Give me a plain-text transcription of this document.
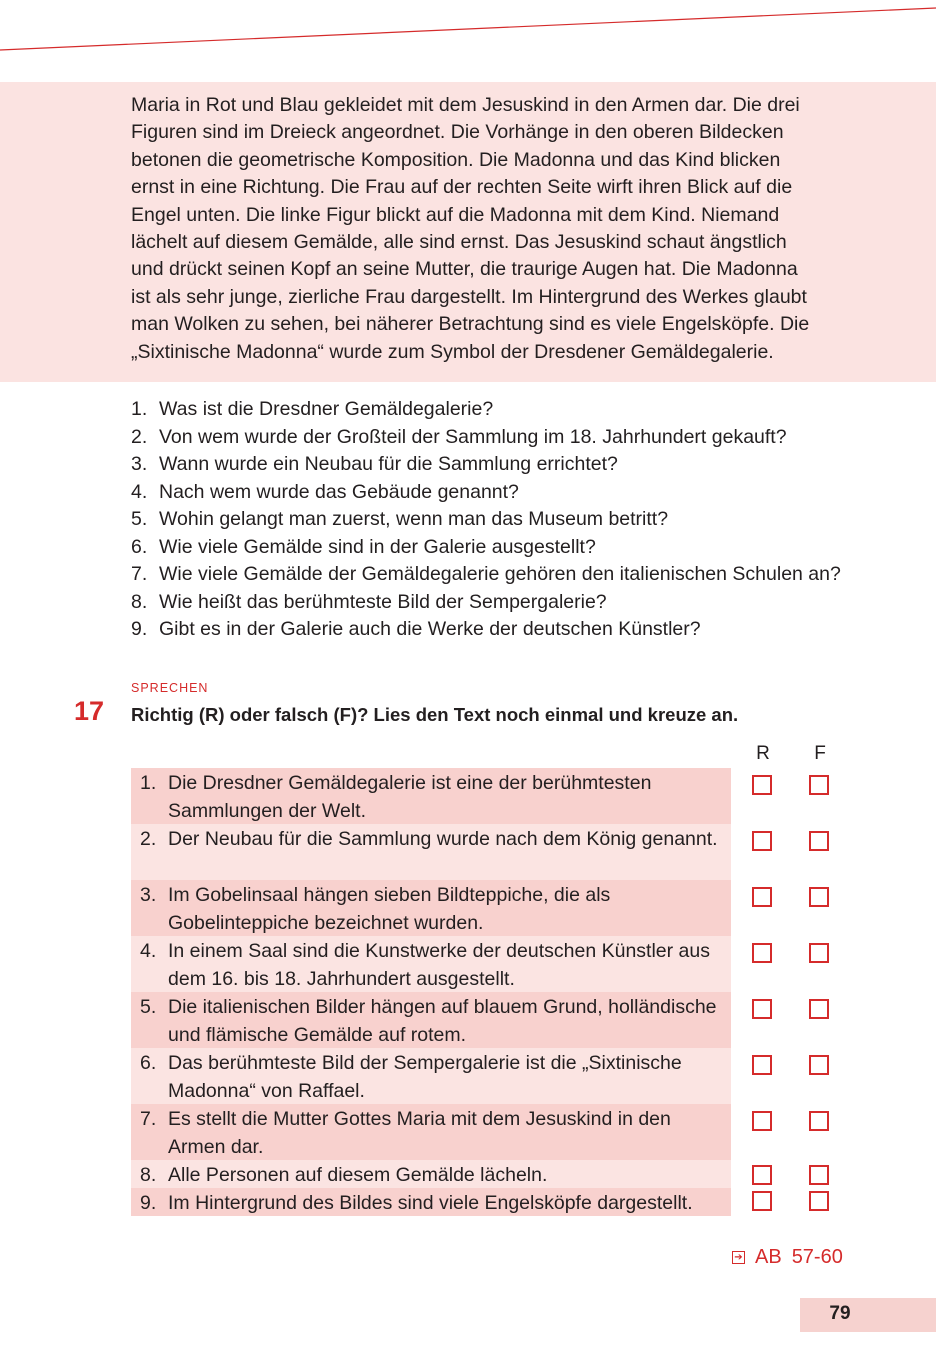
Maria in Rot und Blau gekleidet mit dem Jesuskind in den Armen dar. Die drei
Figuren sind im Dreieck angeordnet. Die Vorhänge in den oberen Bildecken
betonen die geometrische Komposition. Die Madonna und das Kind blicken
ernst in eine Richtung. Die Frau auf der rechten Seite wirft ihren Blick auf die
Engel unten. Die linke Figur blickt auf die Madonna mit dem Kind. Niemand
lächelt auf diesem Gemälde, alle sind ernst. Das Jesuskind schaut ängstlich
und drückt seinen Kopf an seine Mutter, die traurige Augen hat. Die Madonna
ist als sehr junge, zierliche Frau dargestellt. Im Hintergrund des Werkes glaubt
man Wolken zu sehen, bei näherer Betrachtung sind es viele Engelsköpfe. Die
„Sixtinische Madonna“ wurde zum Symbol der Dresdener Gemäldegalerie.
1. Was ist die Dresdner Gemäldegalerie?
2. Von wem wurde der Großteil der Sammlung im 18. Jahrhundert gekauft?
3. Wann wurde ein Neubau für die Sammlung errichtet?
4. Nach wem wurde das Gebäude genannt?
5. Wohin gelangt man zuerst, wenn man das Museum betritt?
6. Wie viele Gemälde sind in der Galerie ausgestellt?
7. Wie viele Gemälde der Gemäldegalerie gehören den italienischen Schulen an?
8. Wie heißt das berühmteste Bild der Sempergalerie?
9. Gibt es in der Galerie auch die Werke der deutschen Künstler?
SPRECHEN
17 Richtig (R) oder falsch (F)? Lies den Text noch einmal und kreuze an.
R	F
1. Die Dresdner Gemäldegalerie ist eine der berühmtesten Sammlungen der Welt.
2. Der Neubau für die Sammlung wurde nach dem König genannt.
3. Im Gobelinsaal hängen sieben Bildteppiche, die als Gobelinteppiche bezeichnet wurden.
4. In einem Saal sind die Kunstwerke der deutschen Künstler aus dem 16. bis 18. Jahrhundert ausgestellt.
5. Die italienischen Bilder hängen auf blauem Grund, holländische und flämische Gemälde auf rotem.
6. Das berühmteste Bild der Sempergalerie ist die „Sixtinische Madonna“ von Raffael.
7. Es stellt die Mutter Gottes Maria mit dem Jesuskind in den Armen dar.
8. Alle Personen auf diesem Gemälde lächeln.
9. Im Hintergrund des Bildes sind viele Engelsköpfe dargestellt.
➔ AB 57-60
79
